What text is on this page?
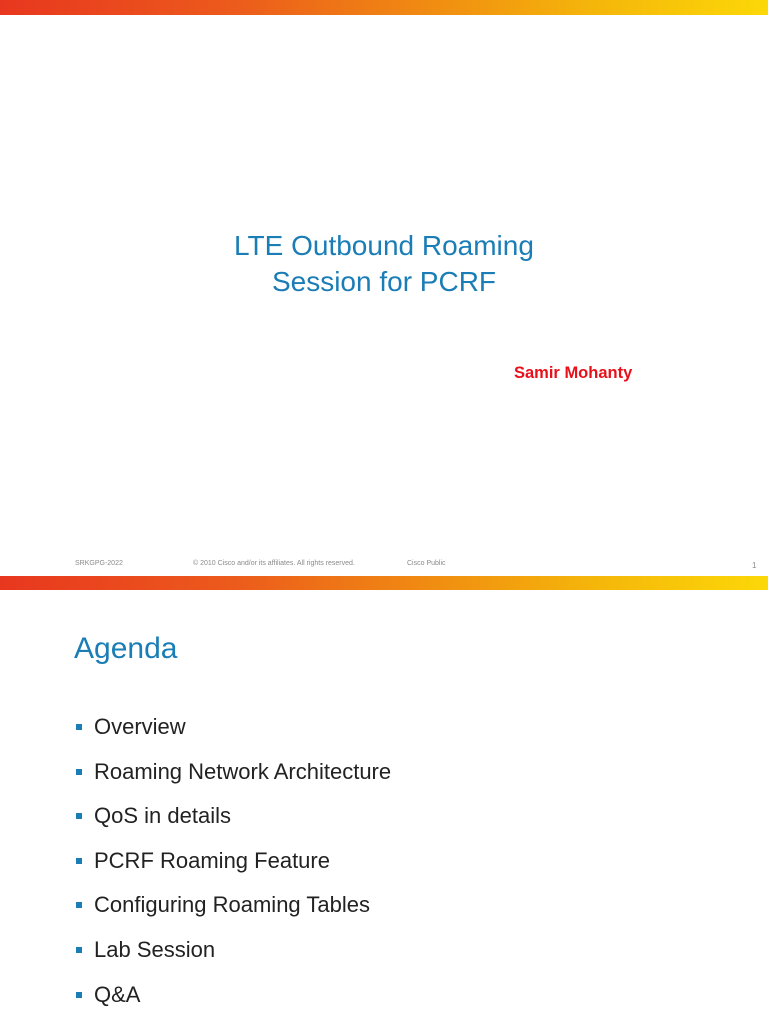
LTE Outbound Roaming
Session for PCRF
Samir Mohanty
SRKGPG-2022	© 2010 Cisco and/or its affiliates. All rights reserved.	Cisco Public	1
Agenda
Overview
Roaming Network Architecture
QoS in details
PCRF Roaming Feature
Configuring Roaming Tables
Lab Session
Q&A
